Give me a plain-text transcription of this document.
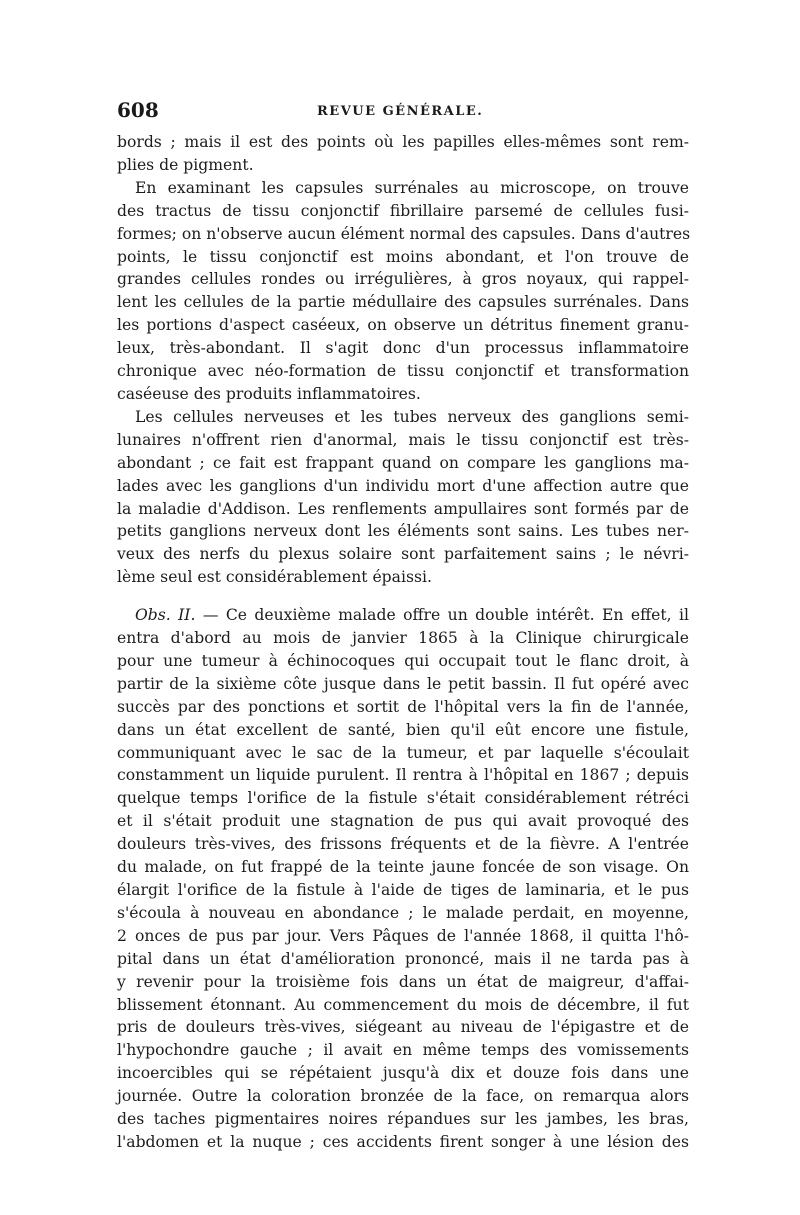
608	REVUE GÉNÉRALE.
bords ; mais il est des points où les papilles elles-mêmes sont rem-
plies de pigment.
En examinant les capsules surrénales au microscope, on trouve
des tractus de tissu conjonctif fibrillaire parsemé de cellules fusi-
formes; on n'observe aucun élément normal des capsules. Dans d'autres
points, le tissu conjonctif est moins abondant, et l'on trouve de
grandes cellules rondes ou irrégulières, à gros noyaux, qui rappel-
lent les cellules de la partie médullaire des capsules surrénales. Dans
les portions d'aspect caséeux, on observe un détritus finement granu-
leux, très-abondant. Il s'agit donc d'un processus inflammatoire
chronique avec néo-formation de tissu conjonctif et transformation
caséeuse des produits inflammatoires.
Les cellules nerveuses et les tubes nerveux des ganglions semi-
lunaires n'offrent rien d'anormal, mais le tissu conjonctif est très-
abondant ; ce fait est frappant quand on compare les ganglions ma-
lades avec les ganglions d'un individu mort d'une affection autre que
la maladie d'Addison. Les renflements ampullaires sont formés par de
petits ganglions nerveux dont les éléments sont sains. Les tubes ner-
veux des nerfs du plexus solaire sont parfaitement sains ; le névri-
lème seul est considérablement épaissi.
Obs. II. — Ce deuxième malade offre un double intérêt. En effet, il
entra d'abord au mois de janvier 1865 à la Clinique chirurgicale
pour une tumeur à échinocoques qui occupait tout le flanc droit, à
partir de la sixième côte jusque dans le petit bassin. Il fut opéré avec
succès par des ponctions et sortit de l'hôpital vers la fin de l'année,
dans un état excellent de santé, bien qu'il eût encore une fistule,
communiquant avec le sac de la tumeur, et par laquelle s'écoulait
constamment un liquide purulent. Il rentra à l'hôpital en 1867 ; depuis
quelque temps l'orifice de la fistule s'était considérablement rétréci
et il s'était produit une stagnation de pus qui avait provoqué des
douleurs très-vives, des frissons fréquents et de la fièvre. A l'entrée
du malade, on fut frappé de la teinte jaune foncée de son visage. On
élargit l'orifice de la fistule à l'aide de tiges de laminaria, et le pus
s'écoula à nouveau en abondance ; le malade perdait, en moyenne,
2 onces de pus par jour. Vers Pâques de l'année 1868, il quitta l'hô-
pital dans un état d'amélioration prononcé, mais il ne tarda pas à
y revenir pour la troisième fois dans un état de maigreur, d'affai-
blissement étonnant. Au commencement du mois de décembre, il fut
pris de douleurs très-vives, siégeant au niveau de l'épigastre et de
l'hypochondre gauche ; il avait en même temps des vomissements
incoercibles qui se répétaient jusqu'à dix et douze fois dans une
journée. Outre la coloration bronzée de la face, on remarqua alors
des taches pigmentaires noires répandues sur les jambes, les bras,
l'abdomen et la nuque ; ces accidents firent songer à une lésion des
